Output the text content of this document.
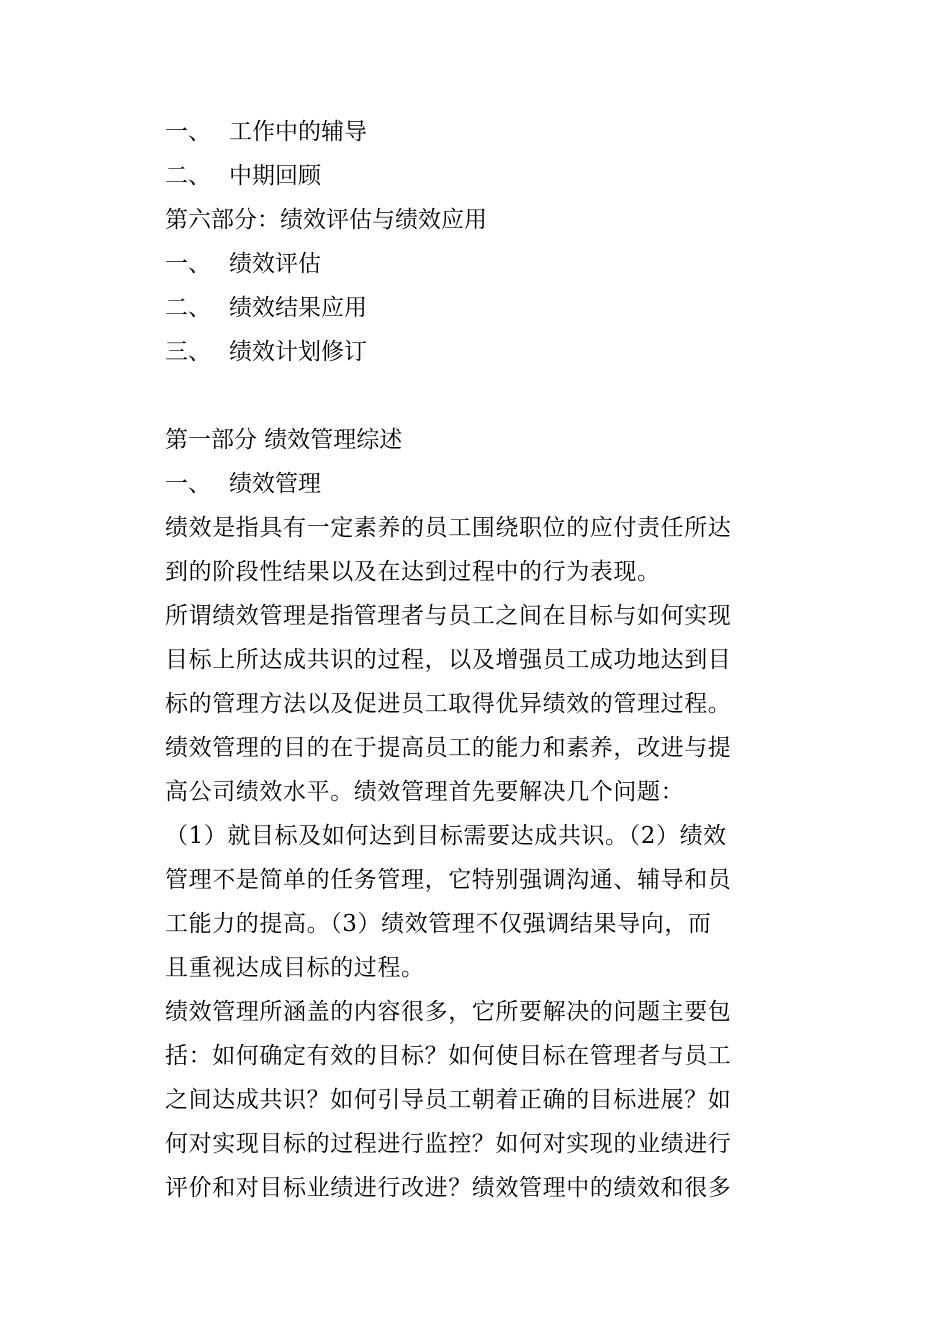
一、 工作中的辅导
二、 中期回顾
第六部分：绩效评估与绩效应用
一、 绩效评估
二、 绩效结果应用
三、 绩效计划修订
第一部分 绩效管理综述
一、 绩效管理
绩效是指具有一定素养的员工围绕职位的应付责任所达
到的阶段性结果以及在达到过程中的行为表现。
所谓绩效管理是指管理者与员工之间在目标与如何实现
目标上所达成共识的过程，以及增强员工成功地达到目
标的管理方法以及促进员工取得优异绩效的管理过程。
绩效管理的目的在于提高员工的能力和素养，改进与提
高公司绩效水平。绩效管理首先要解决几个问题：
（1）就目标及如何达到目标需要达成共识。（2）绩效
管理不是简单的任务管理，它特别强调沟通、辅导和员
工能力的提高。（3）绩效管理不仅强调结果导向，而
且重视达成目标的过程。
绩效管理所涵盖的内容很多，它所要解决的问题主要包
括：如何确定有效的目标？如何使目标在管理者与员工
之间达成共识？如何引导员工朝着正确的目标进展？如
何对实现目标的过程进行监控？如何对实现的业绩进行
评价和对目标业绩进行改进？绩效管理中的绩效和很多
